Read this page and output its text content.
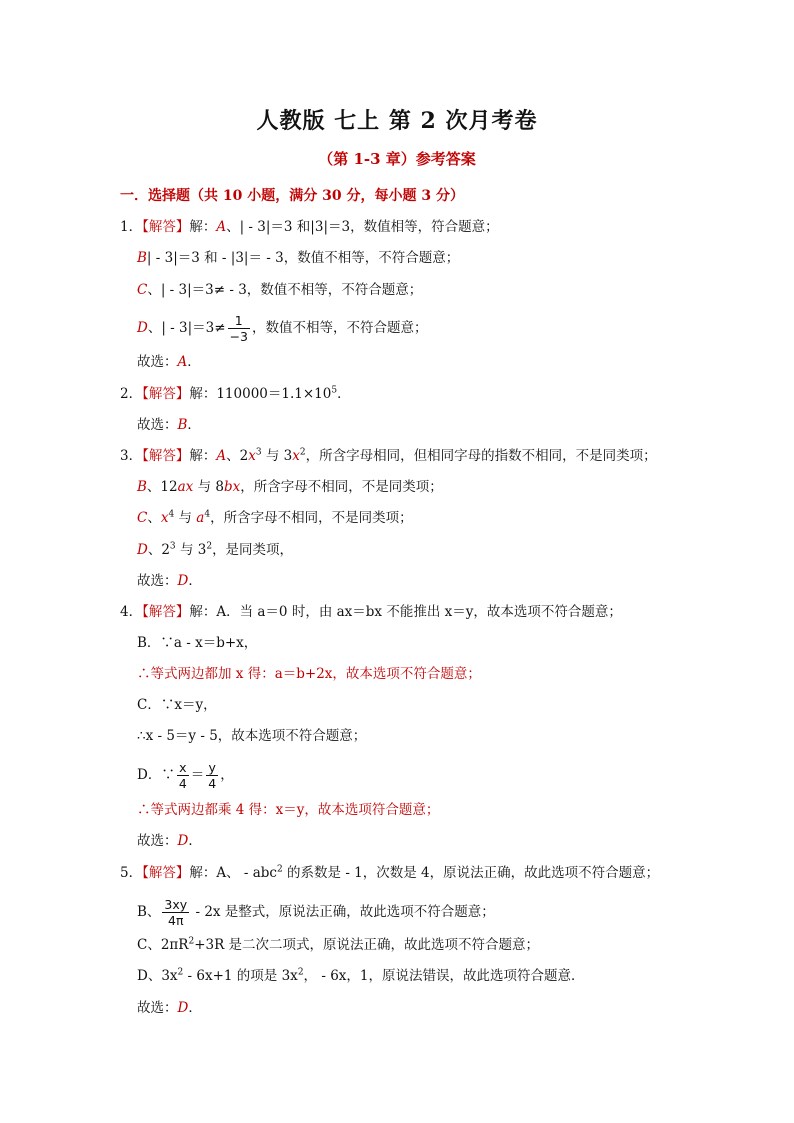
人教版 七上 第 2 次月考卷
（第 1-3 章）参考答案
一．选择题（共 10 小题，满分 30 分，每小题 3 分）
1．【解答】解：A、| - 3|＝3 和|3|＝3，数值相等，符合题意；
B| - 3|＝3 和 - |3|＝ - 3，数值不相等，不符合题意；
C、| - 3|＝3≠ - 3，数值不相等，不符合题意；
D、| - $3|=3\ne \frac{1}{-3}$ ，数值不相等，不符合题意；
故选：A．
2．【解答】解：$110000=1.1\times 10^5$．
故选：B．
3．【解答】解：A、$2x^3$ 与 $3x^2$，所含字母相同，但相同字母的指数不相同，不是同类项；
B、12ax 与 8bx，所含字母不相同，不是同类项；
C、$x^4$ 与 $a^4$，所含字母不相同，不是同类项；
D、$2^3$ 与 $3^2$，是同类项，
故选：D．
4．【解答】解：A．当 a＝0 时，由 ax＝bx 不能推出 x＝y，故本选项不符合题意；
B．∵a - x＝b+x，
∴等式两边都加 x 得：a＝b+2x，故本选项不符合题意；
C．∵x＝y，
∴x - 5＝y - 5，故本选项不符合题意；
D．∵ $\frac{x}{4} = \frac{y}{4}$ ，
∴等式两边都乘 4 得：x＝y，故本选项符合题意；
故选：D．
5．【解答】解：A、 - abc$^2$ 的系数是 - 1，次数是 4，原说法正确，故此选项不符合题意；
B、 $\frac{3xy}{4\pi} - 2x$ 是整式，原说法正确，故此选项不符合题意；
C、$2\pi R^2+3R$ 是二次二项式，原说法正确，故此选项不符合题意；
D、$3x^2 - 6x+1$ 的项是 $3x^2$， - 6x，1，原说法错误，故此选项符合题意．
故选：D．
